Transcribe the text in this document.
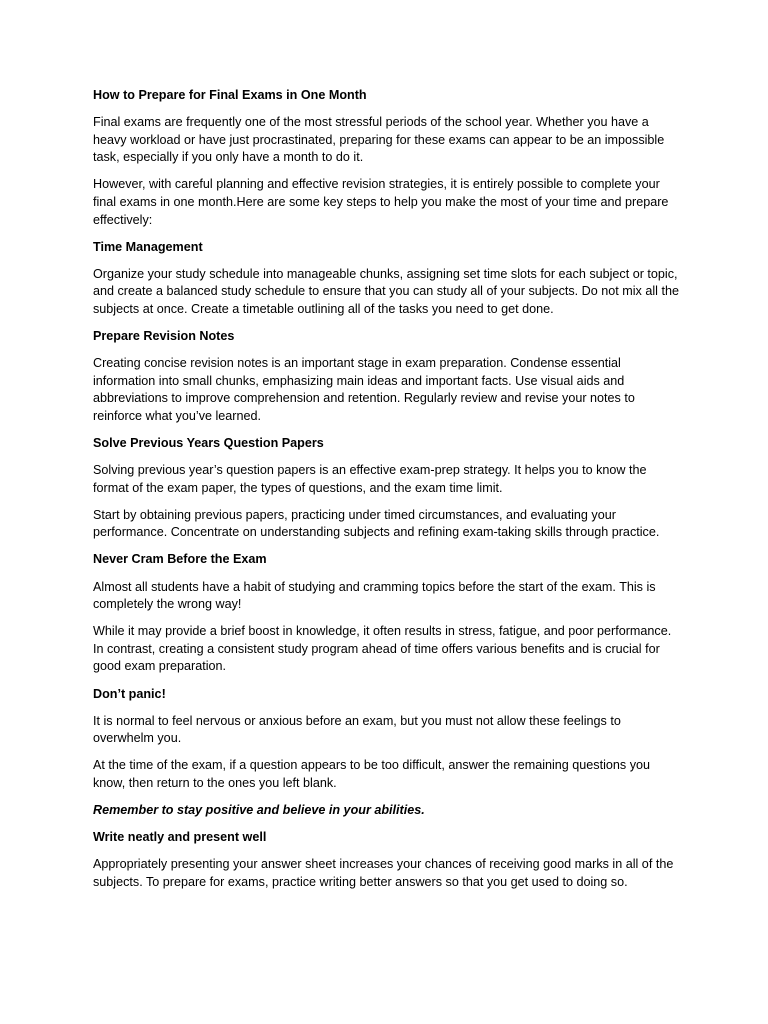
How to Prepare for Final Exams in One Month

Final exams are frequently one of the most stressful periods of the school year. Whether you have a heavy workload or have just procrastinated, preparing for these exams can appear to be an impossible task, especially if you only have a month to do it.

However, with careful planning and effective revision strategies, it is entirely possible to complete your final exams in one month.Here are some key steps to help you make the most of your time and prepare effectively:

Time Management

Organize your study schedule into manageable chunks, assigning set time slots for each subject or topic, and create a balanced study schedule to ensure that you can study all of your subjects. Do not mix all the subjects at once. Create a timetable outlining all of the tasks you need to get done.

Prepare Revision Notes

Creating concise revision notes is an important stage in exam preparation. Condense essential information into small chunks, emphasizing main ideas and important facts. Use visual aids and abbreviations to improve comprehension and retention. Regularly review and revise your notes to reinforce what you’ve learned.

Solve Previous Years Question Papers

Solving previous year’s question papers is an effective exam-prep strategy. It helps you to know the format of the exam paper, the types of questions, and the exam time limit.

Start by obtaining previous papers, practicing under timed circumstances, and evaluating your performance. Concentrate on understanding subjects and refining exam-taking skills through practice.

Never Cram Before the Exam

Almost all students have a habit of studying and cramming topics before the start of the exam. This is completely the wrong way!

While it may provide a brief boost in knowledge, it often results in stress, fatigue, and poor performance. In contrast, creating a consistent study program ahead of time offers various benefits and is crucial for good exam preparation.

Don’t panic!

It is normal to feel nervous or anxious before an exam, but you must not allow these feelings to overwhelm you.

At the time of the exam, if a question appears to be too difficult, answer the remaining questions you know, then return to the ones you left blank.

Remember to stay positive and believe in your abilities.

Write neatly and present well

Appropriately presenting your answer sheet increases your chances of receiving good marks in all of the subjects. To prepare for exams, practice writing better answers so that you get used to doing so.
